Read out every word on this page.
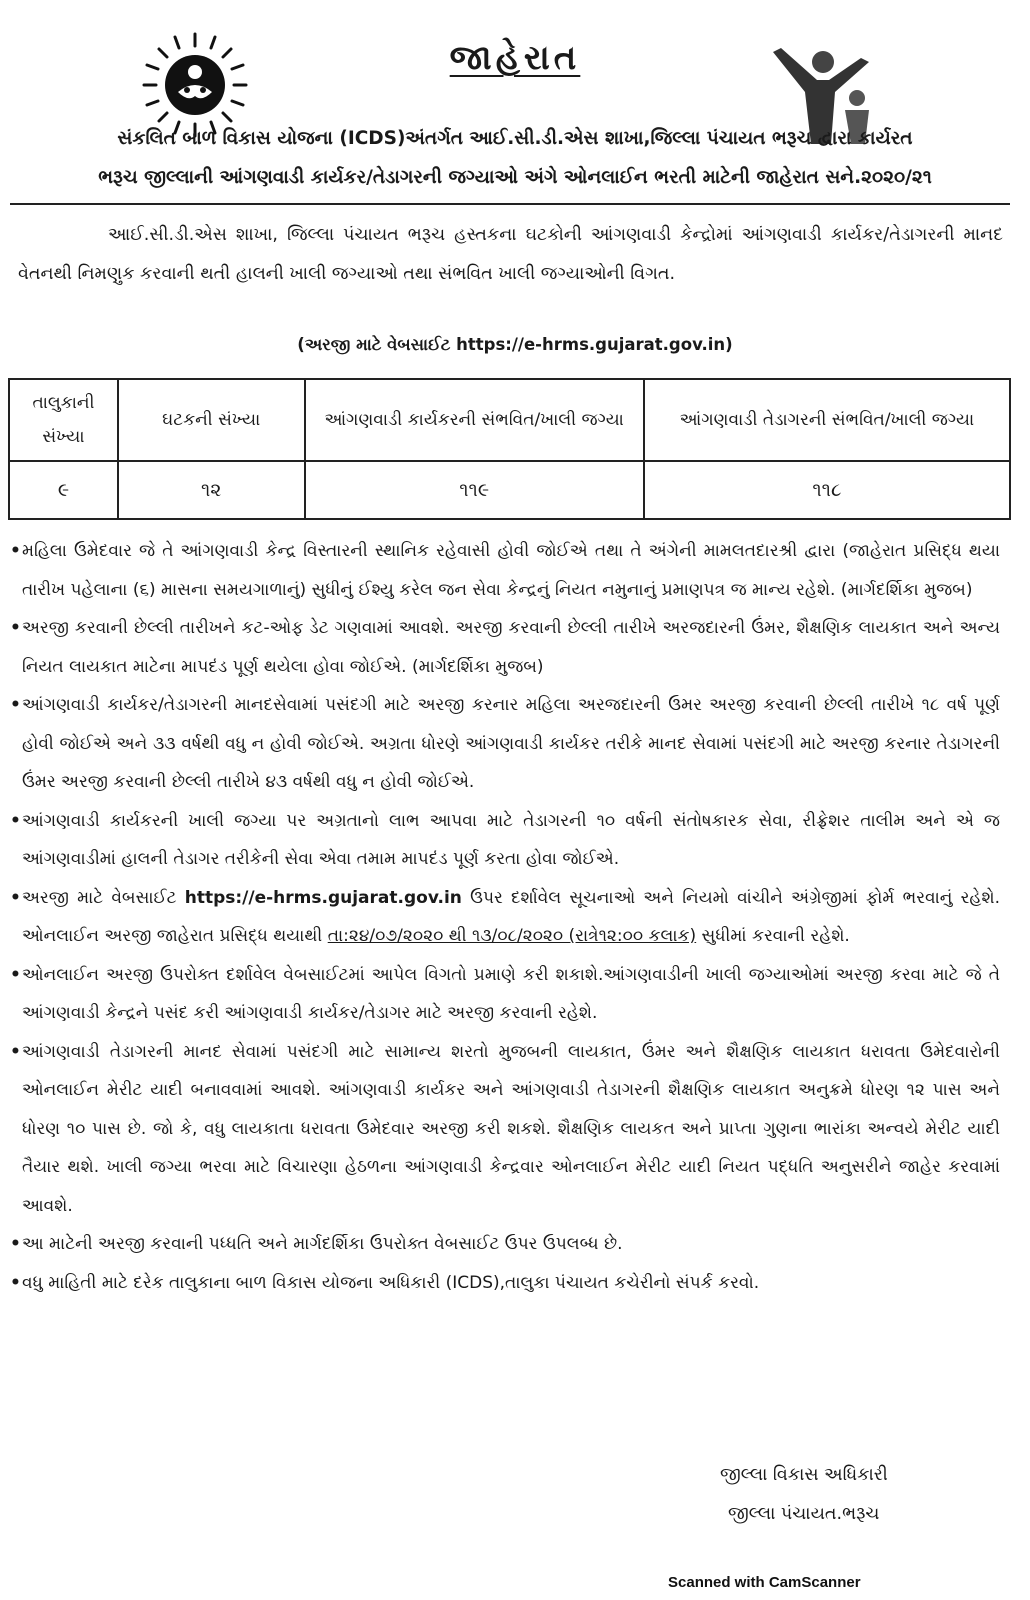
જાહેરાત
સંકલિત બાળ વિકાસ યોજના (ICDS)અંતર્ગત આઈ.સી.ડી.એસ શાખા,જિલ્લા પંચાયત ભરૂચ દ્વારા કાર્યરત
ભરૂચ જીલ્લાની આંગણવાડી કાર્યકર/તેડાગરની જગ્યાઓ અંગે ઓનલાઈન ભરતી માટેની જાહેરાત સને.૨૦૨૦/૨૧

આઈ.સી.ડી.એસ શાખા, જિલ્લા પંચાયત ભરૂચ હસ્તકના ઘટકોની આંગણવાડી કેન્દ્રોમાં આંગણવાડી કાર્યકર/તેડાગરની માનદ વેતનથી નિમણુક કરવાની થતી હાલની ખાલી જગ્યાઓ તથા સંભવિત ખાલી જગ્યાઓની વિગત.

(અરજી માટે વેબસાઈટ https://e-hrms.gujarat.gov.in)
તાલુકાની સંખ્યા	ઘટકની સંખ્યા	આંગણવાડી કાર્યકરની સંભવિત/ખાલી જગ્યા	આંગણવાડી તેડાગરની સંભવિત/ખાલી જગ્યા
૯	૧૨	૧૧૯	૧૧૮
• મહિલા ઉમેદવાર જે તે આંગણવાડી કેન્દ્ર વિસ્તારની સ્થાનિક રહેવાસી હોવી જોઈએ તથા તે અંગેની મામલતદારશ્રી દ્વારા (જાહેરાત પ્રસિદ્ધ થયા તારીખ પહેલાના (૬) માસના સમયગાળાનું) સુધીનું ઈશ્યુ કરેલ જન સેવા કેન્દ્રનું નિયત નમુનાનું પ્રમાણપત્ર જ માન્ય રહેશે. (માર્ગદર્શિકા મુજબ)
• અરજી કરવાની છેલ્લી તારીખને કટ-ઓફ ડેટ ગણવામાં આવશે. અરજી કરવાની છેલ્લી તારીખે અરજદારની ઉંમર, શૈક્ષણિક લાયકાત અને અન્ય નિયત લાયકાત માટેના માપદંડ પૂર્ણ થયેલા હોવા જોઈએ. (માર્ગદર્શિકા મુજબ)
• આંગણવાડી કાર્યકર/તેડાગરની માનદસેવામાં પસંદગી માટે અરજી કરનાર મહિલા અરજદારની ઉમર અરજી કરવાની છેલ્લી તારીખે ૧૮ વર્ષ પૂર્ણ હોવી જોઈએ અને ૩૩ વર્ષથી વધુ ન હોવી જોઈએ. અગ્રતા ધોરણે આંગણવાડી કાર્યકર તરીકે માનદ સેવામાં પસંદગી માટે અરજી કરનાર તેડાગરની ઉંમર અરજી કરવાની છેલ્લી તારીખે ૪૩ વર્ષથી વધુ ન હોવી જોઈએ.
• આંગણવાડી કાર્યકરની ખાલી જગ્યા પર અગ્રતાનો લાભ આપવા માટે તેડાગરની ૧૦ વર્ષની સંતોષકારક સેવા, રીફ્રેશર તાલીમ અને એ જ આંગણવાડીમાં હાલની તેડાગર તરીકેની સેવા એવા તમામ માપદંડ પૂર્ણ કરતા હોવા જોઈએ.
• અરજી માટે વેબસાઈટ https://e-hrms.gujarat.gov.in ઉપર દર્શાવેલ સૂચનાઓ અને નિયમો વાંચીને અંગ્રેજીમાં ફોર્મ ભરવાનું રહેશે. ઓનલાઈન અરજી જાહેરાત પ્રસિદ્ધ થયાથી તા:૨૪/૦૭/૨૦૨૦ થી ૧૩/૦૮/૨૦૨૦ (રાત્રે૧૨:૦૦ કલાક) સુધીમાં કરવાની રહેશે.
• ઓનલાઈન અરજી ઉપરોક્ત દર્શાવેલ વેબસાઈટમાં આપેલ વિગતો પ્રમાણે કરી શકાશે.આંગણવાડીની ખાલી જગ્યાઓમાં અરજી કરવા માટે જે તે આંગણવાડી કેન્દ્રને પસંદ કરી આંગણવાડી કાર્યકર/તેડાગર માટે અરજી કરવાની રહેશે.
• આંગણવાડી તેડાગરની માનદ સેવામાં પસંદગી માટે સામાન્ય શરતો મુજબની લાયકાત, ઉંમર અને શૈક્ષણિક લાયકાત ધરાવતા ઉમેદવારોની ઓનલાઈન મેરીટ યાદી બનાવવામાં આવશે. આંગણવાડી કાર્યકર અને આંગણવાડી તેડાગરની શૈક્ષણિક લાયકાત અનુક્રમે ધોરણ ૧૨ પાસ અને ધોરણ ૧૦ પાસ છે. જો કે, વધુ લાયકાતા ધરાવતા ઉમેદવાર અરજી કરી શકશે. શૈક્ષણિક લાયકત અને પ્રાપ્તા ગુણના ભારાંકા અન્વયે મેરીટ યાદી તૈયાર થશે. ખાલી જગ્યા ભરવા માટે વિચારણા હેઠળના આંગણવાડી કેન્દ્રવાર ઓનલાઈન મેરીટ યાદી નિયત પદ્ધતિ અનુસરીને જાહેર કરવામાં આવશે.
• આ માટેની અરજી કરવાની પધ્ધતિ અને માર્ગદર્શિકા ઉપરોક્ત વેબસાઈટ ઉપર ઉપલબ્ધ છે.
• વધુ માહિતી માટે દરેક તાલુકાના બાળ વિકાસ યોજના અધિકારી (ICDS),તાલુકા પંચાયત કચેરીનો સંપર્ક કરવો.
જીલ્લા વિકાસ અધિકારી
જીલ્લા પંચાયત.ભરૂચ
Scanned with CamScanner
